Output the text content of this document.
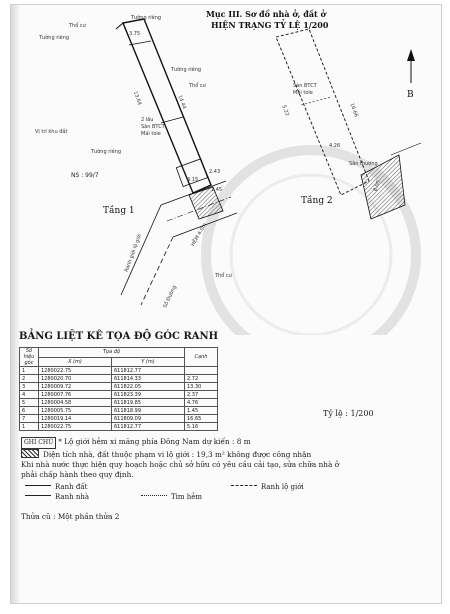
Mục III. Sơ đồ nhà ở, đất ở
HIỆN TRẠNG TỶ LỆ 1/200
B
Thổ cư
Tường riêng
Tường riêng
Tường riêng
Thổ cư
Vị trí khu đất
Tường riêng
2 lầu
Sàn BTCT
Mái tole
Sàn BTCT
Mái tole
Sân thượng
NS : 99/7
Tầng 1
Tầng 2
HẺM 4.0m
Ranh giới lộ giới
Thổ cư
Số Đường
13.64	14.44
3.75
16.66
4.26
5.22
4.15
2.43
1.45	8.00
BẢNG LIỆT KÊ TỌA ĐỘ GÓC RANH
Số hiệu góc	Tọa độ		Cạnh
	X (m)	Y (m)	
1	1280022.75	611812.77	
2	1280020.70	611814.33	2.72
3	1280009.72	611822.05	13.30
4	1280007.76	611823.39	2.37
5	1280004.58	611819.85	4.76
6	1280005.75	611818.99	1.45
7	1280019.14	611809.09	16.65
1	1280022.75	611812.77	5.16
Tỷ lệ : 1/200
GHI CHÚ * Lộ giới hẻm xi măng phía Đông Nam dự kiến : 8 m
Diện tích nhà, đất thuộc phạm vi lộ giới : 19,3 m² không được công nhận
Khi nhà nước thực hiện quy hoạch hoặc chủ sở hữu có yêu cầu cải tạo, sửa chữa nhà ở
phải chấp hành theo quy định.
Ranh đất
Ranh nhà
Ranh lộ giới
Tim hẻm
Thửa cũ : Một phần thửa 2
